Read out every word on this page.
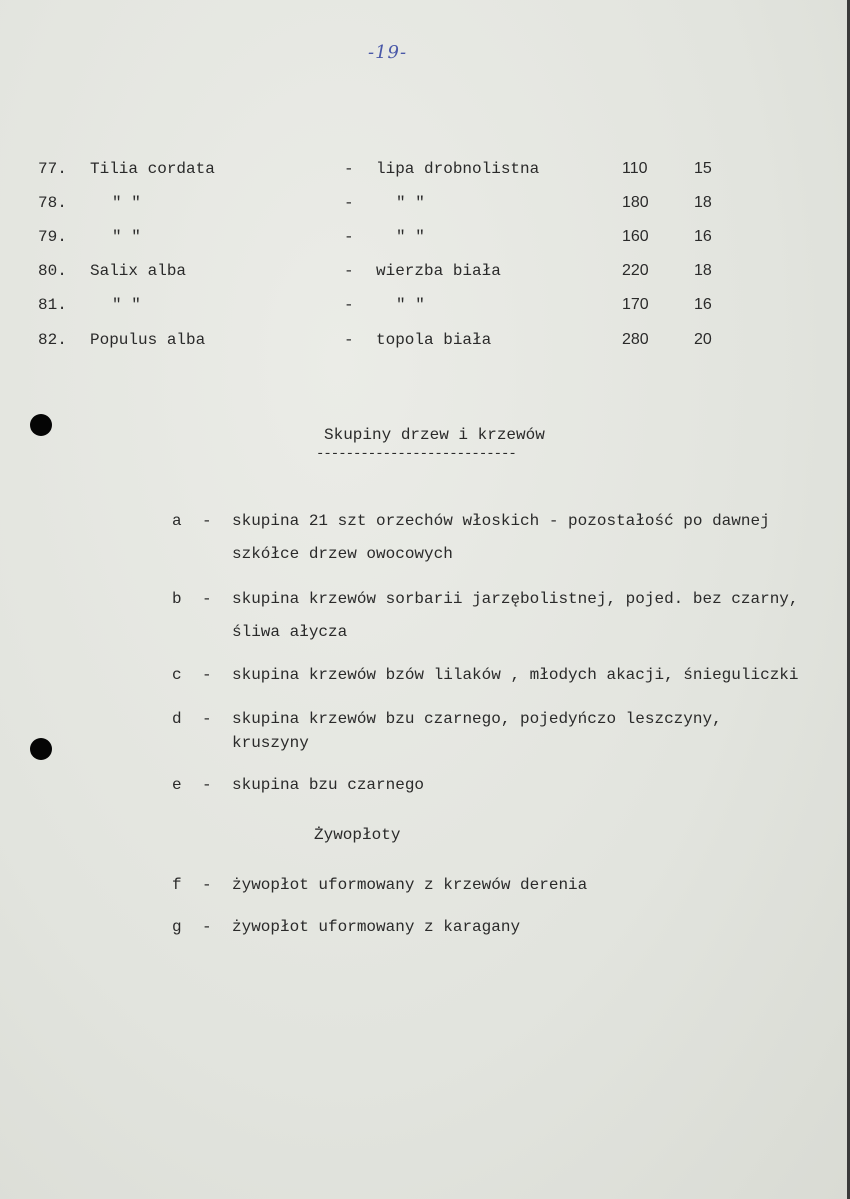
-19-
77. Tilia cordata	- lipa drobnolistna	110	15
78.	" "	-	" "	180	18
79.	" "	-	" "	160	16
80. Salix alba	- wierzba biała	220	18
81.	" "	-	" "	170	16
82. Populus alba	- topola biała	280	20
Skupiny drzew i krzewów
---------------------------
a - skupina 21 szt orzechów włoskich - pozostałość po dawnej
szkółce drzew owocowych
b - skupina krzewów sorbarii jarzębolistnej, pojed. bez czarny,
śliwa ałycza
c - skupina krzewów bzów lilaków , młodych akacji, śnieguliczki
d - skupina krzewów bzu czarnego, pojedyńczo leszczyny,
kruszyny
e - skupina bzu czarnego
Żywopłoty
f - żywopłot uformowany z krzewów derenia
g - żywopłot uformowany z karagany
